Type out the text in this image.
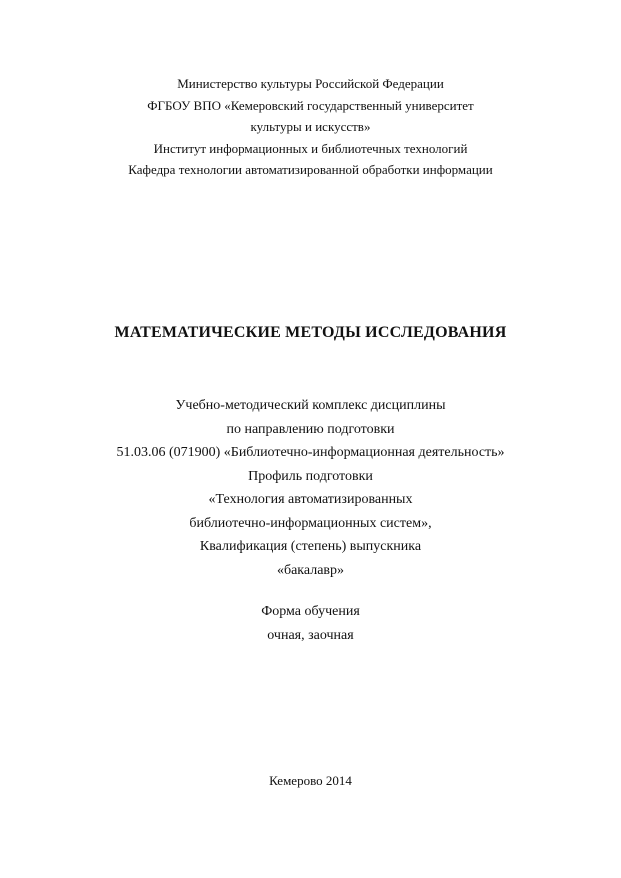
Министерство культуры Российской Федерации
ФГБОУ ВПО «Кемеровский государственный университет
культуры и искусств»
Институт информационных и библиотечных технологий
Кафедра технологии автоматизированной обработки информации
МАТЕМАТИЧЕСКИЕ МЕТОДЫ ИССЛЕДОВАНИЯ
Учебно-методический комплекс дисциплины
по направлению подготовки
51.03.06 (071900) «Библиотечно-информационная деятельность»
Профиль подготовки
«Технология автоматизированных
библиотечно-информационных систем»,
Квалификация (степень) выпускника
«бакалавр»
Форма обучения
очная, заочная
Кемерово 2014
